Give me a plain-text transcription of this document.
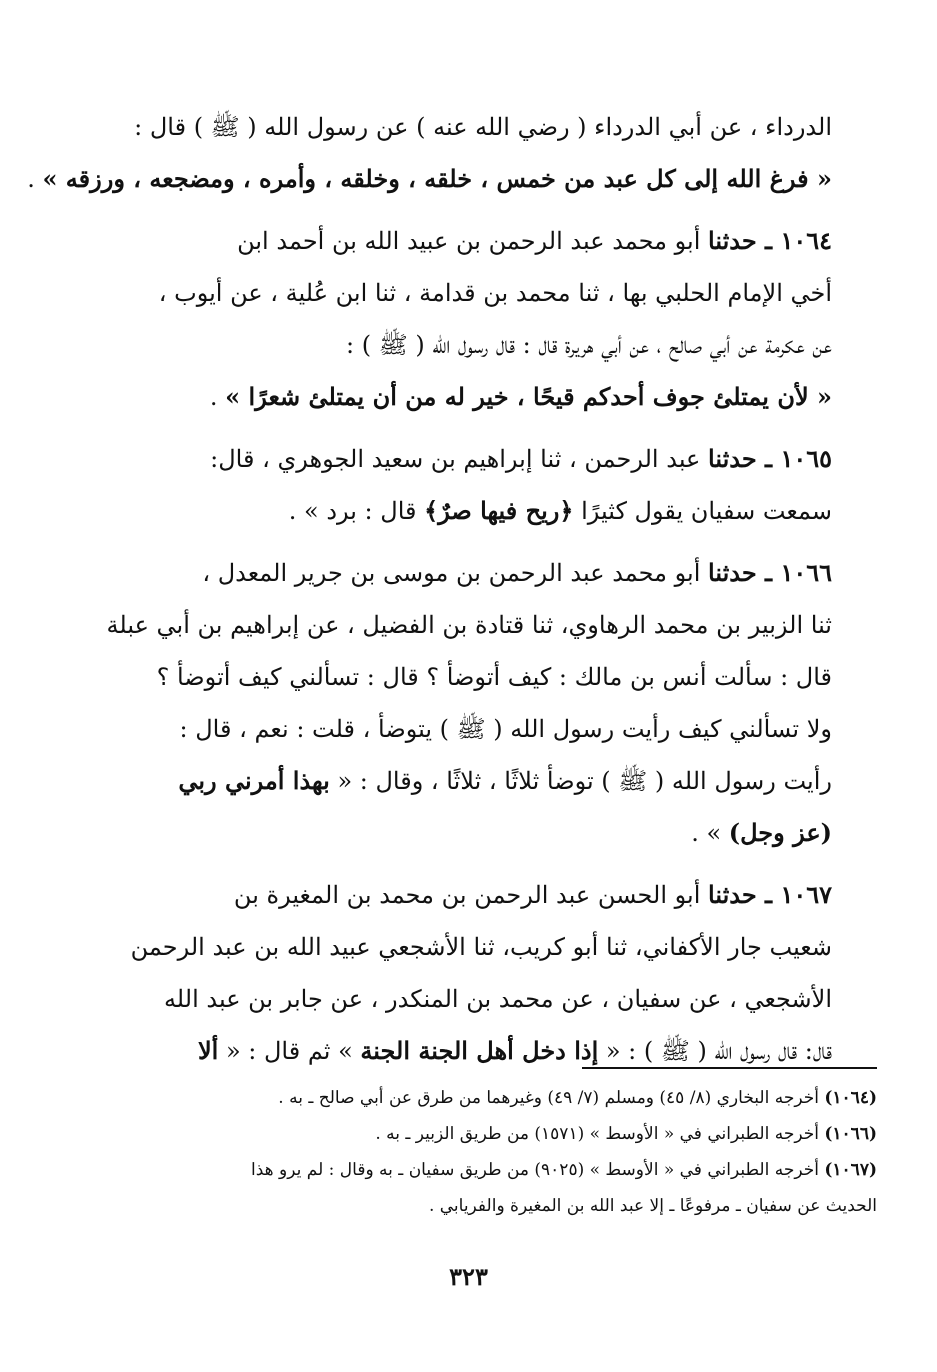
الدرداء ، عن أبي الدرداء ( رضي الله عنه ) عن رسول الله ( ﷺ ) قال :
« فرغ الله إلى كل عبد من خمس ، خلقه ، وخلقه ، وأمره ، ومضجعه ، ورزقه » .
١٠٦٤ ـ حدثنا أبو محمد عبد الرحمن بن عبيد الله بن أحمد ابن
أخي الإمام الحلبي بها ، ثنا محمد بن قدامة ، ثنا ابن عُلية ، عن أيوب ،
عن عكرمة عن أبي صالح ، عن أبي هريرة قال : قال رسول الله ( ﷺ ) :
« لأن يمتلئ جوف أحدكم قيحًا ، خير له من أن يمتلئ شعرًا » .
١٠٦٥ ـ حدثنا عبد الرحمن ، ثنا إبراهيم بن سعيد الجوهري ، قال:
سمعت سفيان يقول كثيرًا ﴿ريح فيها صرٌ﴾ قال : برد » .
١٠٦٦ ـ حدثنا أبو محمد عبد الرحمن بن موسى بن جرير المعدل ،
ثنا الزبير بن محمد الرهاوي، ثنا قتادة بن الفضيل ، عن إبراهيم بن أبي عبلة
قال : سألت أنس بن مالك : كيف أتوضأ ؟ قال : تسألني كيف أتوضأ ؟
ولا تسألني كيف رأيت رسول الله ( ﷺ ) يتوضأ ، قلت : نعم ، قال :
رأيت رسول الله ( ﷺ ) توضأ ثلاثًا ، ثلاثًا ، وقال : « بهذا أمرني ربي
(عز وجل) » .
١٠٦٧ ـ حدثنا أبو الحسن عبد الرحمن بن محمد بن المغيرة بن
شعيب جار الأكفاني، ثنا أبو كريب، ثنا الأشجعي عبيد الله بن عبد الرحمن
الأشجعي ، عن سفيان ، عن محمد بن المنكدر ، عن جابر بن عبد الله
قال: قال رسول الله ( ﷺ ) : « إذا دخل أهل الجنة الجنة » ثم قال : « ألا
(١٠٦٤) أخرجه البخاري (٨/ ٤٥) ومسلم (٧/ ٤٩) وغيرهما من طرق عن أبي صالح ـ به .
(١٠٦٦) أخرجه الطبراني في « الأوسط » (١٥٧١) من طريق الزبير ـ به .
(١٠٦٧) أخرجه الطبراني في « الأوسط » (٩٠٢٥) من طريق سفيان ـ به وقال : لم يرو هذا
الحديث عن سفيان ـ مرفوعًا ـ إلا عبد الله بن المغيرة والفريابي .
٣٢٣
